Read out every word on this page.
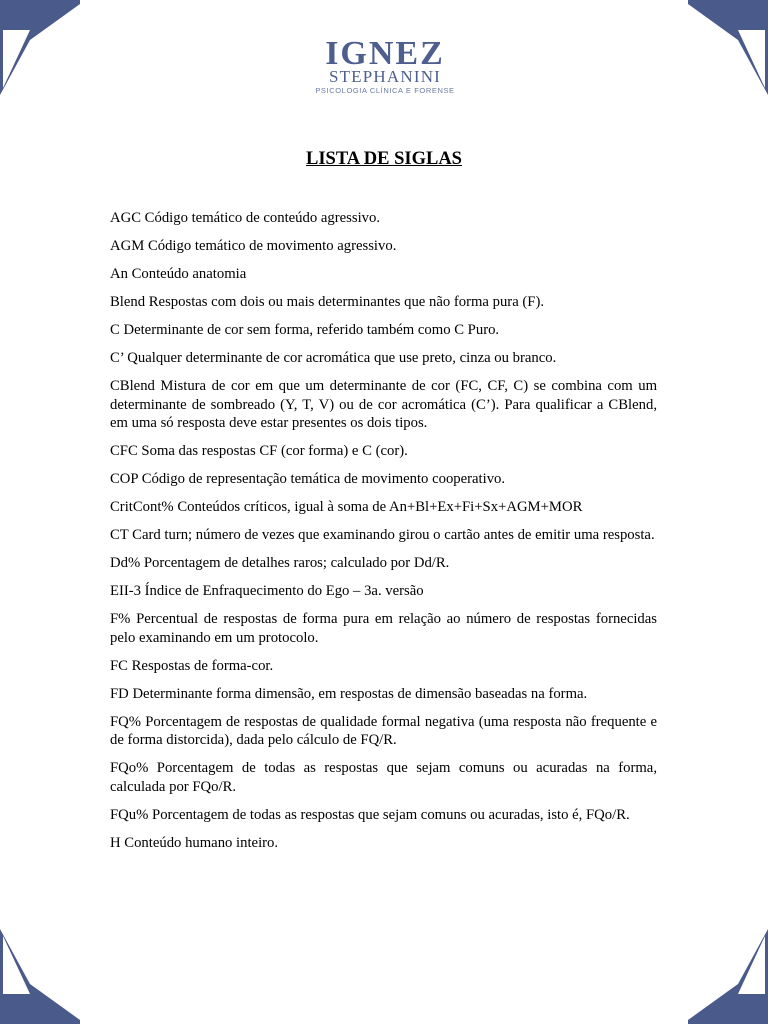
IGNEZ
STEPHANINI
PSICOLOGIA CLÍNICA E FORENSE
LISTA DE SIGLAS

AGC Código temático de conteúdo agressivo.

AGM Código temático de movimento agressivo.

An Conteúdo anatomia

Blend Respostas com dois ou mais determinantes que não forma pura (F).

C Determinante de cor sem forma, referido também como C Puro.

C’ Qualquer determinante de cor acromática que use preto, cinza ou branco.

CBlend Mistura de cor em que um determinante de cor (FC, CF, C) se combina com um determinante de sombreado (Y, T, V) ou de cor acromática (C’). Para qualificar a CBlend, em uma só resposta deve estar presentes os dois tipos.

CFC Soma das respostas CF (cor forma) e C (cor).

COP Código de representação temática de movimento cooperativo.

CritCont% Conteúdos críticos, igual à soma de An+Bl+Ex+Fi+Sx+AGM+MOR

CT Card turn; número de vezes que examinando girou o cartão antes de emitir uma resposta.

Dd% Porcentagem de detalhes raros; calculado por Dd/R.

EII-3 Índice de Enfraquecimento do Ego – 3a. versão

F% Percentual de respostas de forma pura em relação ao número de respostas fornecidas pelo examinando em um protocolo.

FC Respostas de forma-cor.

FD Determinante forma dimensão, em respostas de dimensão baseadas na forma.

FQ% Porcentagem de respostas de qualidade formal negativa (uma resposta não frequente e de forma distorcida), dada pelo cálculo de FQ/R.

FQo% Porcentagem de todas as respostas que sejam comuns ou acuradas na forma, calculada por FQo/R.

FQu% Porcentagem de todas as respostas que sejam comuns ou acuradas, isto é, FQo/R.

H Conteúdo humano inteiro.
